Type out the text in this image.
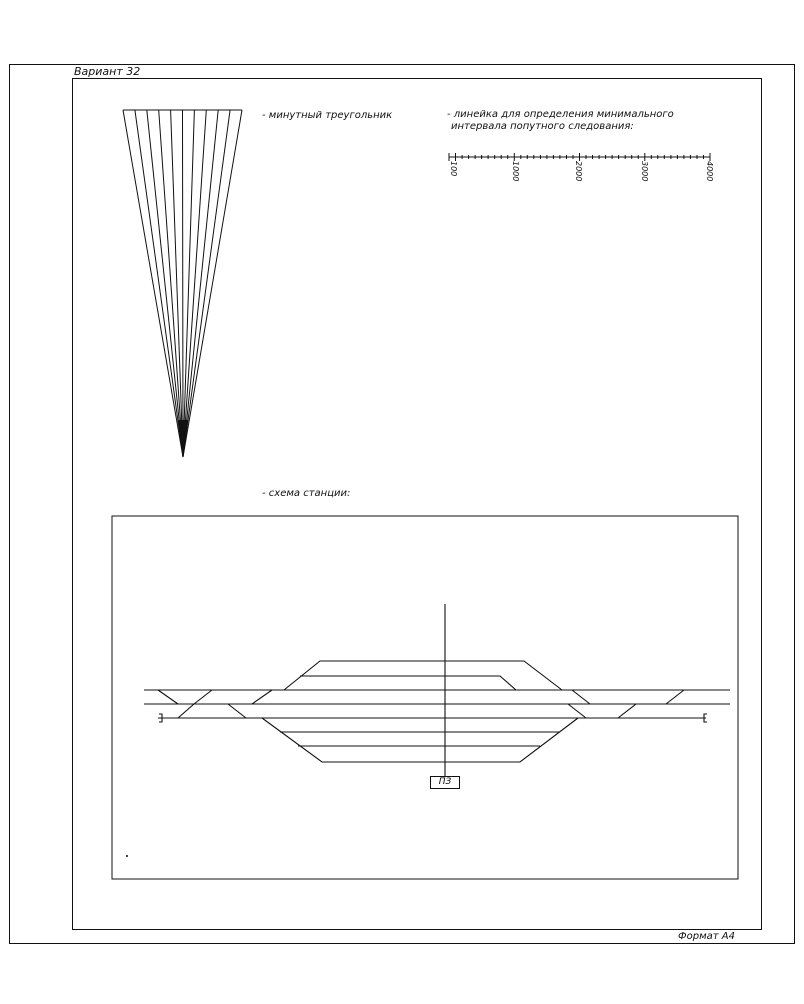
Вариант 32
Формат А4
- минутный треугольник	- линейка для определения минимального
интервала попутного следования:
100	1000	2000	3000	4000
- схема станции:
ПЗ
